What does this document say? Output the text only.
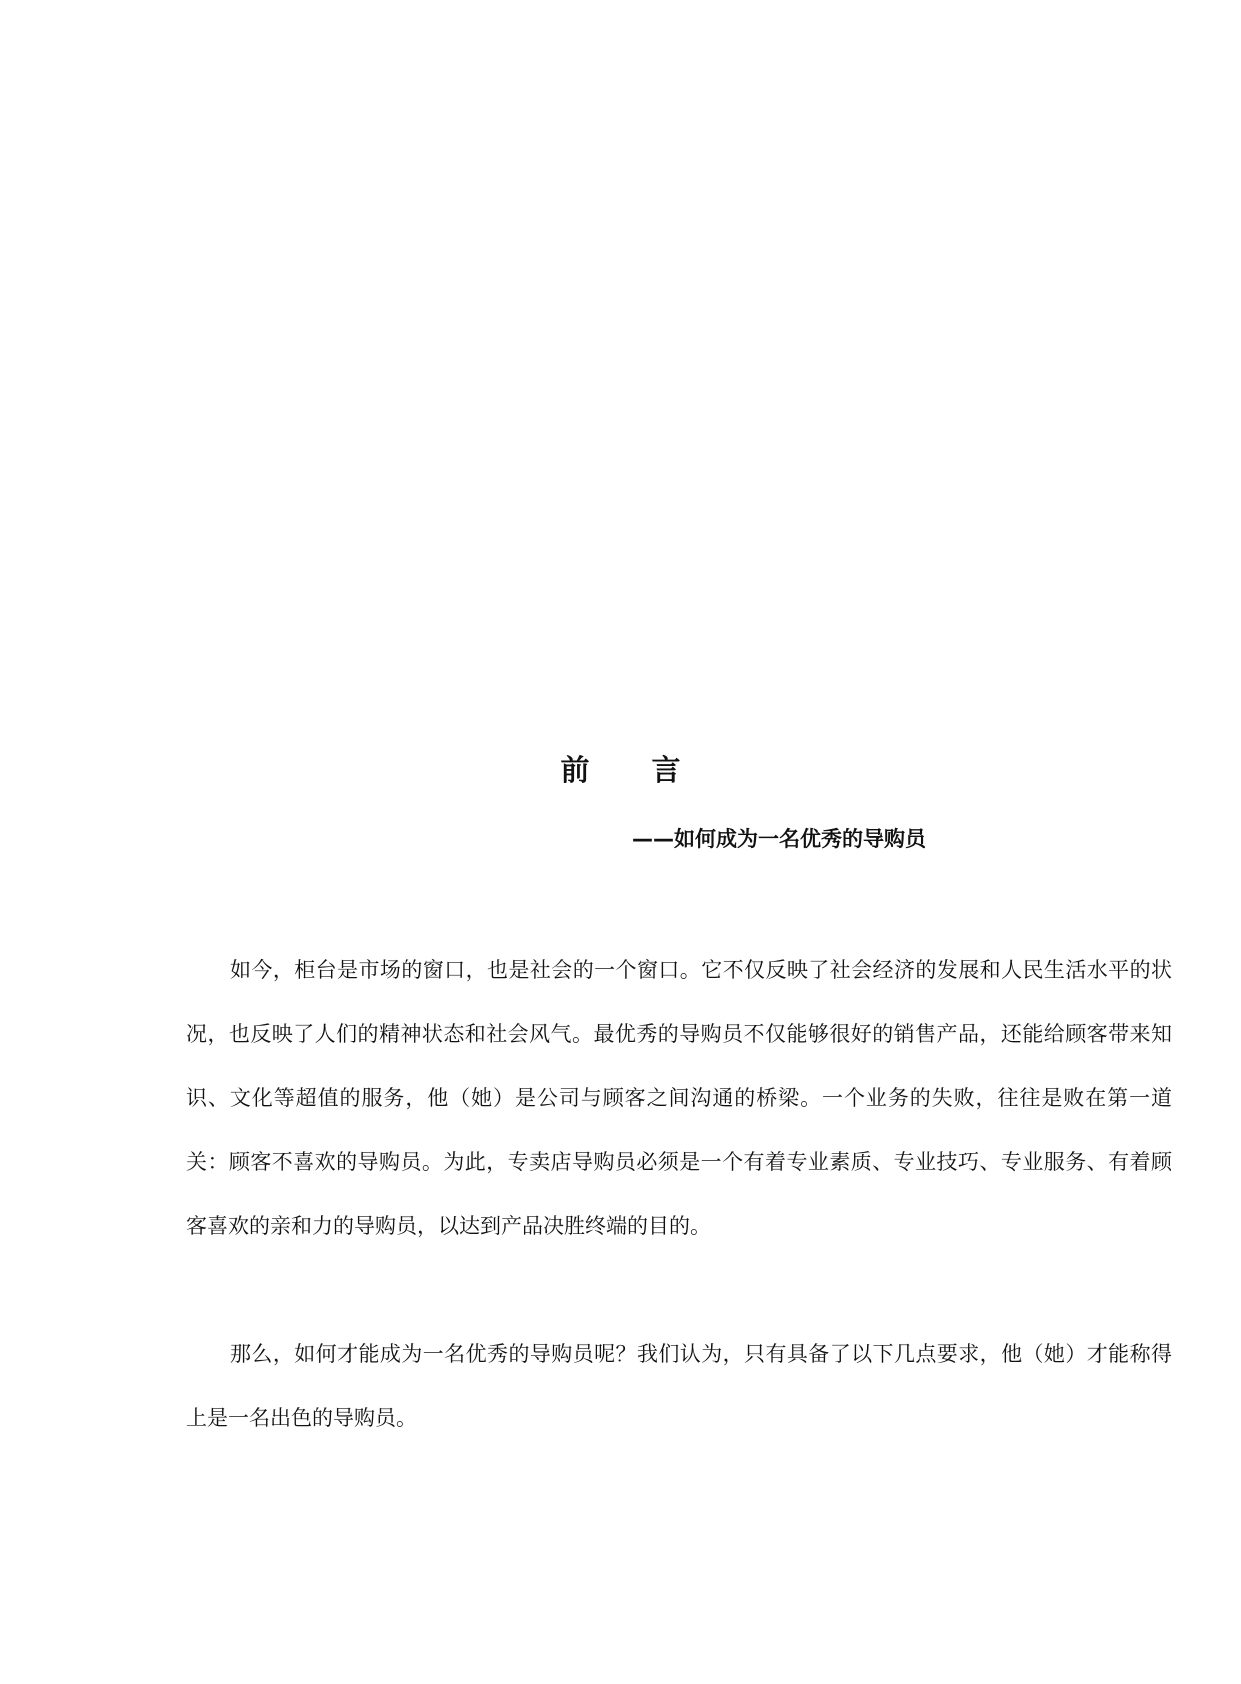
前 言
——如何成为一名优秀的导购员

如今，柜台是市场的窗口，也是社会的一个窗口。它不仅反映了社会经济的发展和人民生活水平的状况，也反映了人们的精神状态和社会风气。最优秀的导购员不仅能够很好的销售产品，还能给顾客带来知识、文化等超值的服务，他（她）是公司与顾客之间沟通的桥梁。一个业务的失败，往往是败在第一道关：顾客不喜欢的导购员。为此，专卖店导购员必须是一个有着专业素质、专业技巧、专业服务、有着顾客喜欢的亲和力的导购员，以达到产品决胜终端的目的。

那么，如何才能成为一名优秀的导购员呢？我们认为，只有具备了以下几点要求，他（她）才能称得上是一名出色的导购员。
